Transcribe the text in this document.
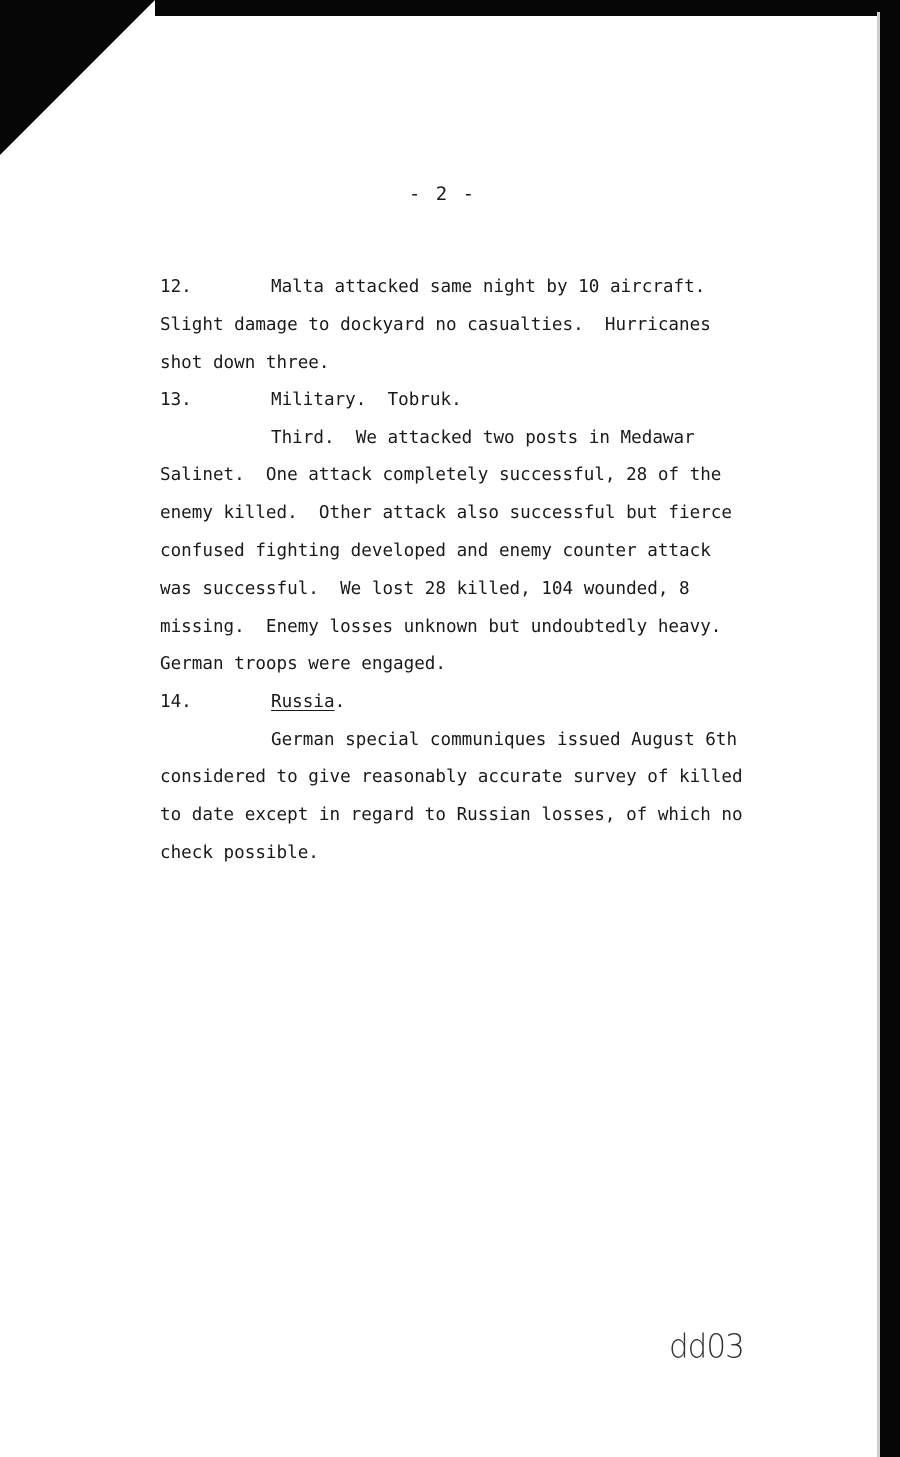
- 2 -
12.	Malta attacked same night by 10 aircraft.
Slight damage to dockyard no casualties.  Hurricanes
shot down three.
13.	Military.  Tobruk.
Third.  We attacked two posts in Medawar
Salinet.  One attack completely successful, 28 of the
enemy killed.  Other attack also successful but fierce
confused fighting developed and enemy counter attack
was successful.  We lost 28 killed, 104 wounded, 8
missing.  Enemy losses unknown but undoubtedly heavy.
German troops were engaged.
14.	Russia.
German special communiques issued August 6th
considered to give reasonably accurate survey of killed
to date except in regard to Russian losses, of which no
check possible.
dd03
